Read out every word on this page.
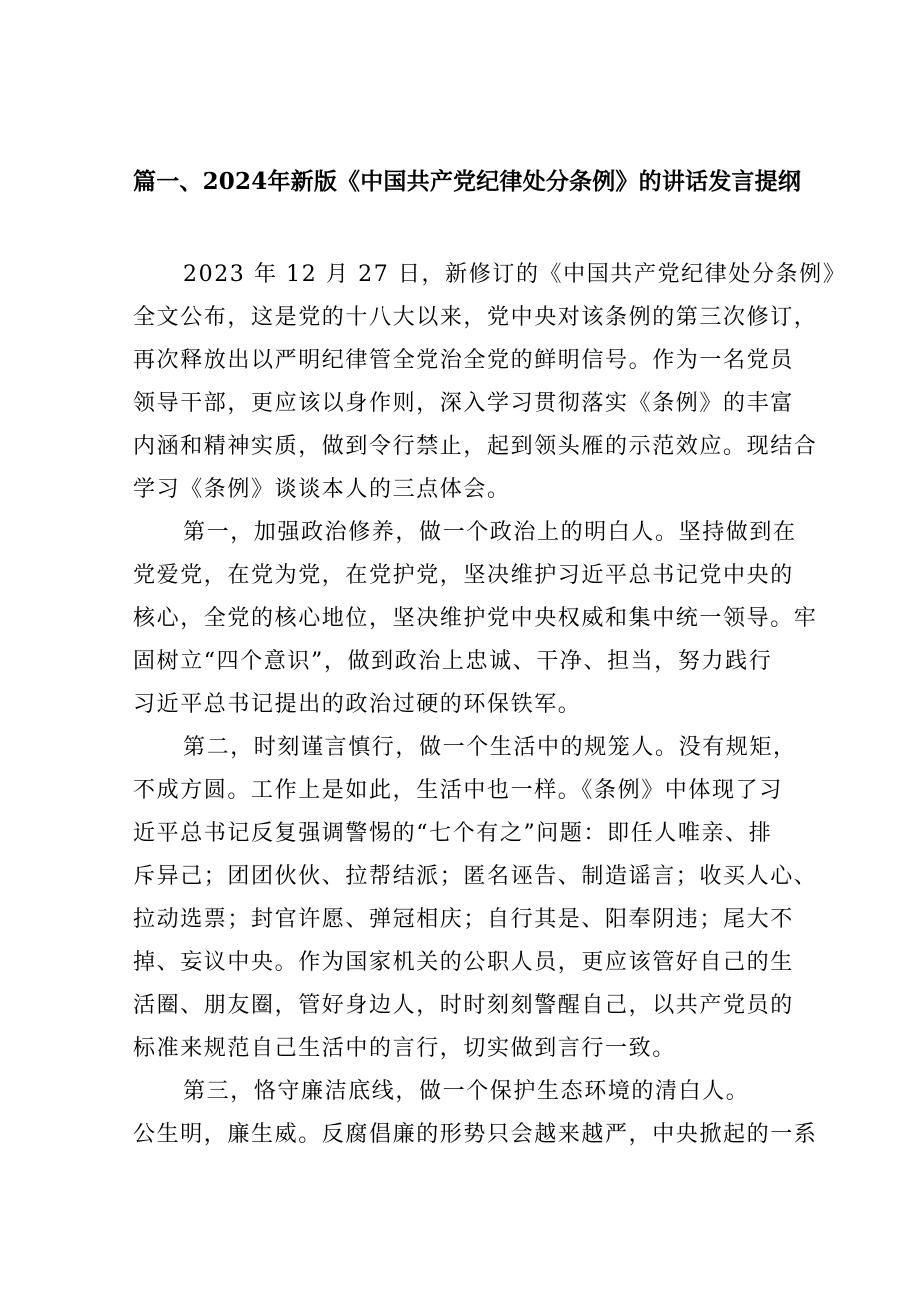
篇一、2024年新版《中国共产党纪律处分条例》的讲话发言提纲
2023 年 12 月 27 日，新修订的《中国共产党纪律处分条例》
全文公布，这是党的十八大以来，党中央对该条例的第三次修订，
再次释放出以严明纪律管全党治全党的鲜明信号。作为一名党员
领导干部，更应该以身作则，深入学习贯彻落实《条例》的丰富
内涵和精神实质，做到令行禁止，起到领头雁的示范效应。现结合
学习《条例》谈谈本人的三点体会。
第一，加强政治修养，做一个政治上的明白人。坚持做到在
党爱党，在党为党，在党护党，坚决维护习近平总书记党中央的
核心，全党的核心地位，坚决维护党中央权威和集中统一领导。牢
固树立“四个意识”，做到政治上忠诚、干净、担当，努力践行
习近平总书记提出的政治过硬的环保铁军。
第二，时刻谨言慎行，做一个生活中的规笼人。没有规矩，
不成方圆。工作上是如此，生活中也一样。《条例》中体现了习
近平总书记反复强调警惕的“七个有之”问题：即任人唯亲、排
斥异己；团团伙伙、拉帮结派；匿名诬告、制造谣言；收买人心、
拉动选票；封官许愿、弹冠相庆；自行其是、阳奉阴违；尾大不
掉、妄议中央。作为国家机关的公职人员，更应该管好自己的生
活圈、朋友圈，管好身边人，时时刻刻警醒自己，以共产党员的
标准来规范自己生活中的言行，切实做到言行一致。
第三，恪守廉洁底线，做一个保护生态环境的清白人。
公生明，廉生威。反腐倡廉的形势只会越来越严，中央掀起的一系
